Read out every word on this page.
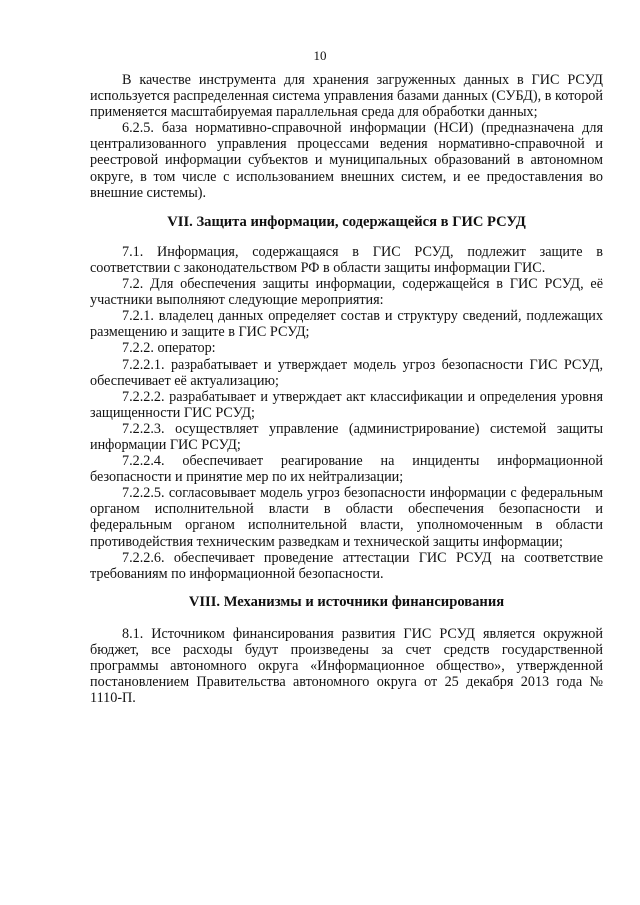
10

В качестве инструмента для хранения загруженных данных в ГИС РСУД используется распределенная система управления базами данных (СУБД), в которой применяется масштабируемая параллельная среда для обработки данных;

6.2.5. база нормативно-справочной информации (НСИ) (предназначена для централизованного управления процессами ведения нормативно-справочной и реестровой информации субъектов и муниципальных образований в автономном округе, в том числе с использованием внешних систем, и ее предоставления во внешние системы).

VII. Защита информации, содержащейся в ГИС РСУД

7.1. Информация, содержащаяся в ГИС РСУД, подлежит защите в соответствии с законодательством РФ в области защиты информации ГИС.

7.2. Для обеспечения защиты информации, содержащейся в ГИС РСУД, её участники выполняют следующие мероприятия:

7.2.1. владелец данных определяет состав и структуру сведений, подлежащих размещению и защите в ГИС РСУД;

7.2.2. оператор:

7.2.2.1. разрабатывает и утверждает модель угроз безопасности ГИС РСУД, обеспечивает её актуализацию;

7.2.2.2. разрабатывает и утверждает акт классификации и определения уровня защищенности ГИС РСУД;

7.2.2.3. осуществляет управление (администрирование) системой защиты информации ГИС РСУД;

7.2.2.4. обеспечивает реагирование на инциденты информационной безопасности и принятие мер по их нейтрализации;

7.2.2.5. согласовывает модель угроз безопасности информации с федеральным органом исполнительной власти в области обеспечения безопасности и федеральным органом исполнительной власти, уполномоченным в области противодействия техническим разведкам и технической защиты информации;

7.2.2.6. обеспечивает проведение аттестации ГИС РСУД на соответствие требованиям по информационной безопасности.

VIII. Механизмы и источники финансирования

8.1. Источником финансирования развития ГИС РСУД является окружной бюджет, все расходы будут произведены за счет средств государственной программы автономного округа «Информационное общество», утвержденной постановлением Правительства автономного округа от 25 декабря 2013 года № 1110-П.
